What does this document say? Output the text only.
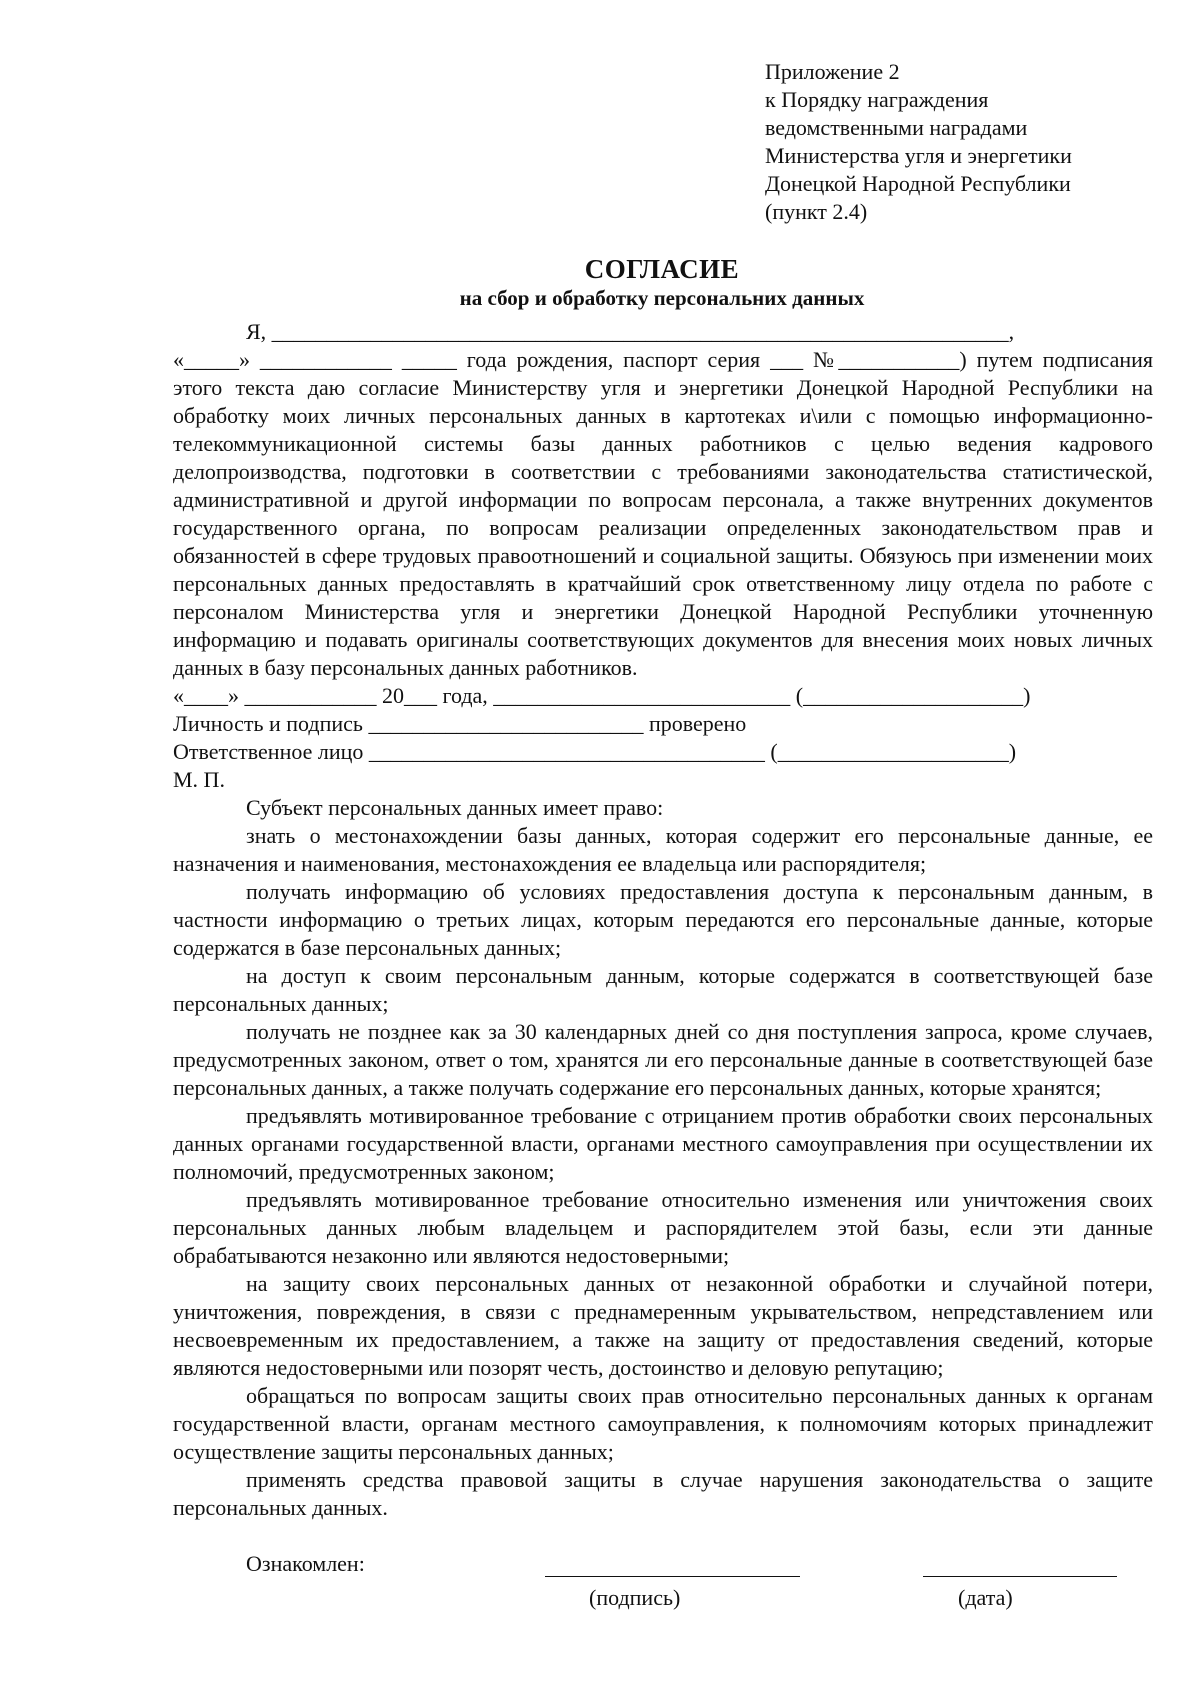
Приложение 2
к Порядку награждения
ведомственными наградами
Министерства угля и энергетики
Донецкой Народной Республики
(пункт 2.4)
СОГЛАСИЕ
на сбор и обработку персональних данных
Я, ___________________________________________________________________,

«_____» ____________ _____ года рождения, паспорт серия ___ №___________) путем подписания этого текста даю согласие Министерству угля и энергетики Донецкой Народной Республики на обработку моих личных персональных данных в картотеках и\или с помощью информационно-телекоммуникационной системы базы данных работников с целью ведения кадрового делопроизводства, подготовки в соответствии с требованиями законодательства статистической, административной и другой информации по вопросам персонала, а также внутренних документов государственного органа, по вопросам реализации определенных законодательством прав и обязанностей в сфере трудовых правоотношений и социальной защиты. Обязуюсь при изменении моих персональных данных предоставлять в кратчайший срок ответственному лицу отдела по работе с персоналом Министерства угля и энергетики Донецкой Народной Республики уточненную информацию и подавать оригиналы соответствующих документов для внесения моих новых личных данных в базу персональных данных работников.

«____» ____________ 20___ года, ___________________________ (____________________)
Личность и подпись _________________________ проверено
Ответственное лицо ____________________________________ (_____________________)
М. П.

Субъект персональных данных имеет право:

знать о местонахождении базы данных, которая содержит его персональные данные, ее назначения и наименования, местонахождения ее владельца или распорядителя;

получать информацию об условиях предоставления доступа к персональным данным, в частности информацию о третьих лицах, которым передаются его персональные данные, которые содержатся в базе персональных данных;

на доступ к своим персональным данным, которые содержатся в соответствующей базе персональных данных;

получать не позднее как за 30 календарных дней со дня поступления запроса, кроме случаев, предусмотренных законом, ответ о том, хранятся ли его персональные данные в соответствующей базе персональных данных, а также получать содержание его персональных данных, которые хранятся;

предъявлять мотивированное требование с отрицанием против обработки своих персональных данных органами государственной власти, органами местного самоуправления при осуществлении их полномочий, предусмотренных законом;

предъявлять мотивированное требование относительно изменения или уничтожения своих персональных данных любым владельцем и распорядителем этой базы, если эти данные обрабатываются незаконно или являются недостоверными;

на защиту своих персональных данных от незаконной обработки и случайной потери, уничтожения, повреждения, в связи с преднамеренным укрывательством, непредставлением или несвоевременным их предоставлением, а также на защиту от предоставления сведений, которые являются недостоверными или позорят честь, достоинство и деловую репутацию;

обращаться по вопросам защиты своих прав относительно персональных данных к органам государственной власти, органам местного самоуправления, к полномочиям которых принадлежит осуществление защиты персональных данных;

применять средства правовой защиты в случае нарушения законодательства о защите персональных данных.

Ознакомлен:
(подпись)	(дата)
